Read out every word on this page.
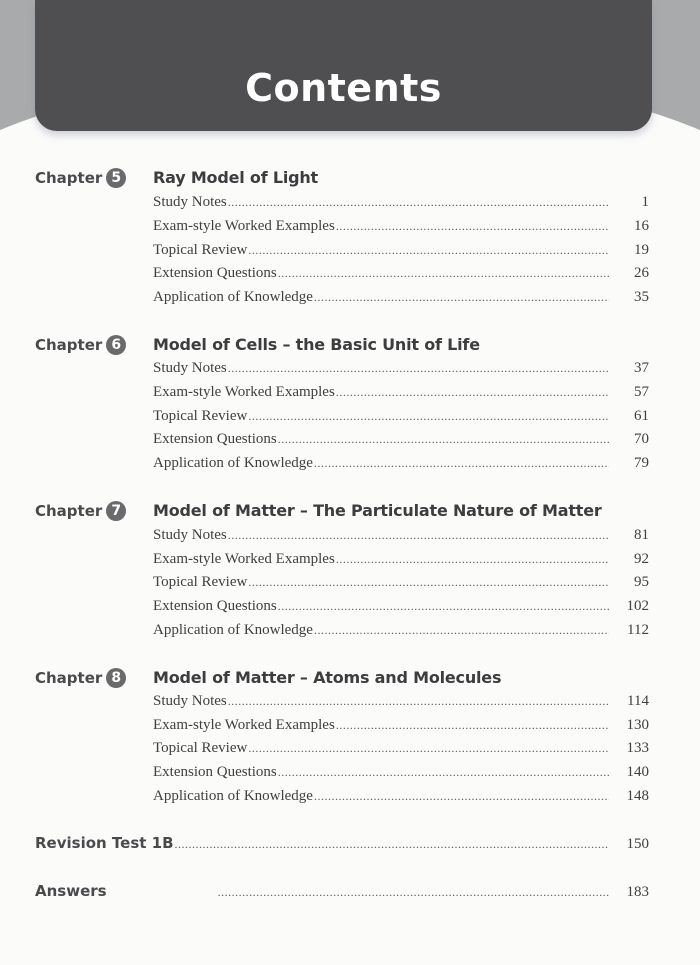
Contents
Chapter 5	Ray Model of Light
Study Notes .....	1
Exam-style Worked Examples .....	16
Topical Review .....	19
Extension Questions .....	26
Application of Knowledge .....	35
Chapter 6	Model of Cells – the Basic Unit of Life
Study Notes .....	37
Exam-style Worked Examples .....	57
Topical Review .....	61
Extension Questions .....	70
Application of Knowledge .....	79
Chapter 7	Model of Matter – The Particulate Nature of Matter
Study Notes .....	81
Exam-style Worked Examples .....	92
Topical Review .....	95
Extension Questions .....	102
Application of Knowledge .....	112
Chapter 8	Model of Matter – Atoms and Molecules
Study Notes .....	114
Exam-style Worked Examples .....	130
Topical Review .....	133
Extension Questions .....	140
Application of Knowledge .....	148
Revision Test 1B .....	150
Answers .....	183
